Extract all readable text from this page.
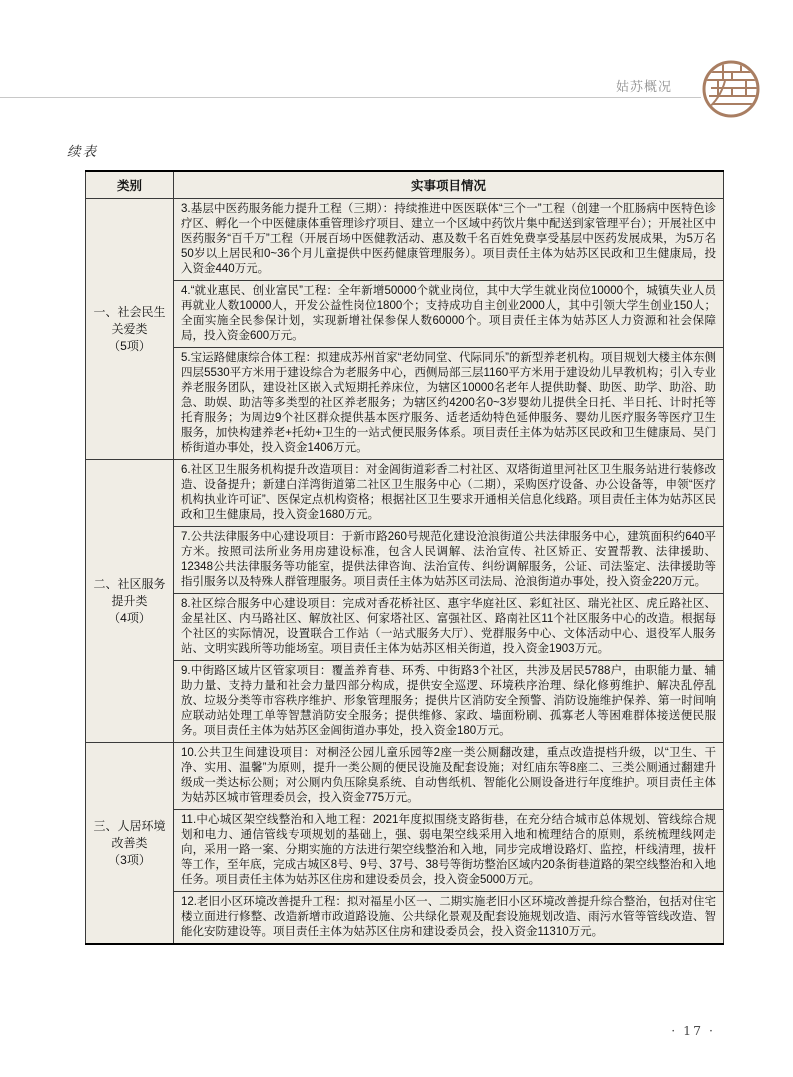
姑苏概况
续表
类别	实事项目情况

一、社会民生关爱类
（5项）	3.基层中医药服务能力提升工程（三期）：持续推进中医医联体“三个一”工程（创建一个肛肠病中医特色诊疗区、孵化一个中医健康体重管理诊疗项目、建立一个区域中药饮片集中配送到家管理平台）；开展社区中医药服务“百千万”工程（开展百场中医健教活动、惠及数千名百姓免费享受基层中医药发展成果，为5万名50岁以上居民和0~36个月儿童提供中医药健康管理服务）。项目责任主体为姑苏区民政和卫生健康局，投入资金440万元。
	4.“就业惠民、创业富民”工程：全年新增50000个就业岗位，其中大学生就业岗位10000个，城镇失业人员再就业人数10000人，开发公益性岗位1800个；支持成功自主创业2000人，其中引领大学生创业150人；全面实施全民参保计划，实现新增社保参保人数60000个。项目责任主体为姑苏区人力资源和社会保障局，投入资金600万元。
	5.宝运路健康综合体工程：拟建成苏州首家“老幼同堂、代际同乐”的新型养老机构。项目规划大楼主体东侧四层5530平方米用于建设综合为老服务中心，西侧局部三层1160平方米用于建设幼儿早教机构；引入专业养老服务团队，建设社区嵌入式短期托养床位，为辖区10000名老年人提供助餐、助医、助学、助浴、助急、助娱、助洁等多类型的社区养老服务；为辖区约4200名0~3岁婴幼儿提供全日托、半日托、计时托等托育服务；为周边9个社区群众提供基本医疗服务、适老适幼特色延伸服务、婴幼儿医疗服务等医疗卫生服务，加快构建养老+托幼+卫生的一站式便民服务体系。项目责任主体为姑苏区民政和卫生健康局、吴门桥街道办事处，投入资金1406万元。

二、社区服务提升类
（4项）	6.社区卫生服务机构提升改造项目：对金阊街道彩香二村社区、双塔街道里河社区卫生服务站进行装修改造、设备提升；新建白洋湾街道第二社区卫生服务中心（二期），采购医疗设备、办公设备等，申领“医疗机构执业许可证”、医保定点机构资格；根据社区卫生要求开通相关信息化线路。项目责任主体为姑苏区民政和卫生健康局，投入资金1680万元。
	7.公共法律服务中心建设项目：于新市路260号规范化建设沧浪街道公共法律服务中心，建筑面积约640平方米。按照司法所业务用房建设标准，包含人民调解、法治宣传、社区矫正、安置帮教、法律援助、12348公共法律服务等功能室，提供法律咨询、法治宣传、纠纷调解服务，公证、司法鉴定、法律援助等指引服务以及特殊人群管理服务。项目责任主体为姑苏区司法局、沧浪街道办事处，投入资金220万元。
	8.社区综合服务中心建设项目：完成对香花桥社区、惠宇华庭社区、彩虹社区、瑞光社区、虎丘路社区、金星社区、内马路社区、解放社区、何家塔社区、富强社区、路南社区11个社区服务中心的改造。根据每个社区的实际情况，设置联合工作站（一站式服务大厅）、党群服务中心、文体活动中心、退役军人服务站、文明实践所等功能场室。项目责任主体为姑苏区相关街道，投入资金1903万元。
	9.中街路区域片区管家项目：覆盖养育巷、环秀、中街路3个社区，共涉及居民5788户，由职能力量、辅助力量、支持力量和社会力量四部分构成，提供安全巡逻、环境秩序治理、绿化修剪维护、解决乱停乱放、垃圾分类等市容秩序维护、形象管理服务；提供片区消防安全预警、消防设施维护保养、第一时间响应联动站处理工单等智慧消防安全服务；提供维修、家政、墙面粉刷、孤寡老人等困难群体接送便民服务。项目责任主体为姑苏区金阊街道办事处，投入资金180万元。

三、人居环境改善类
（3项）	10.公共卫生间建设项目：对桐泾公园儿童乐园等2座一类公厕翻改建，重点改造提档升级，以“卫生、干净、实用、温馨”为原则，提升一类公厕的便民设施及配套设施；对红庙东等8座二、三类公厕通过翻建升级成一类达标公厕；对公厕内负压除臭系统、自动售纸机、智能化公厕设备进行年度维护。项目责任主体为姑苏区城市管理委员会，投入资金775万元。
	11.中心城区架空线整治和入地工程：2021年度拟围绕支路街巷，在充分结合城市总体规划、管线综合规划和电力、通信管线专项规划的基础上，强、弱电架空线采用入地和梳理结合的原则，系统梳理线网走向，采用一路一案、分期实施的方法进行架空线整治和入地，同步完成增设路灯、监控，杆线清理，拔杆等工作，至年底，完成古城区8号、9号、37号、38号等街坊整治区域内20条街巷道路的架空线整治和入地任务。项目责任主体为姑苏区住房和建设委员会，投入资金5000万元。
	12.老旧小区环境改善提升工程：拟对福星小区一、二期实施老旧小区环境改善提升综合整治，包括对住宅楼立面进行修整、改造新增市政道路设施、公共绿化景观及配套设施规划改造、雨污水管等管线改造、智能化安防建设等。项目责任主体为姑苏区住房和建设委员会，投入资金11310万元。
· 17 ·
